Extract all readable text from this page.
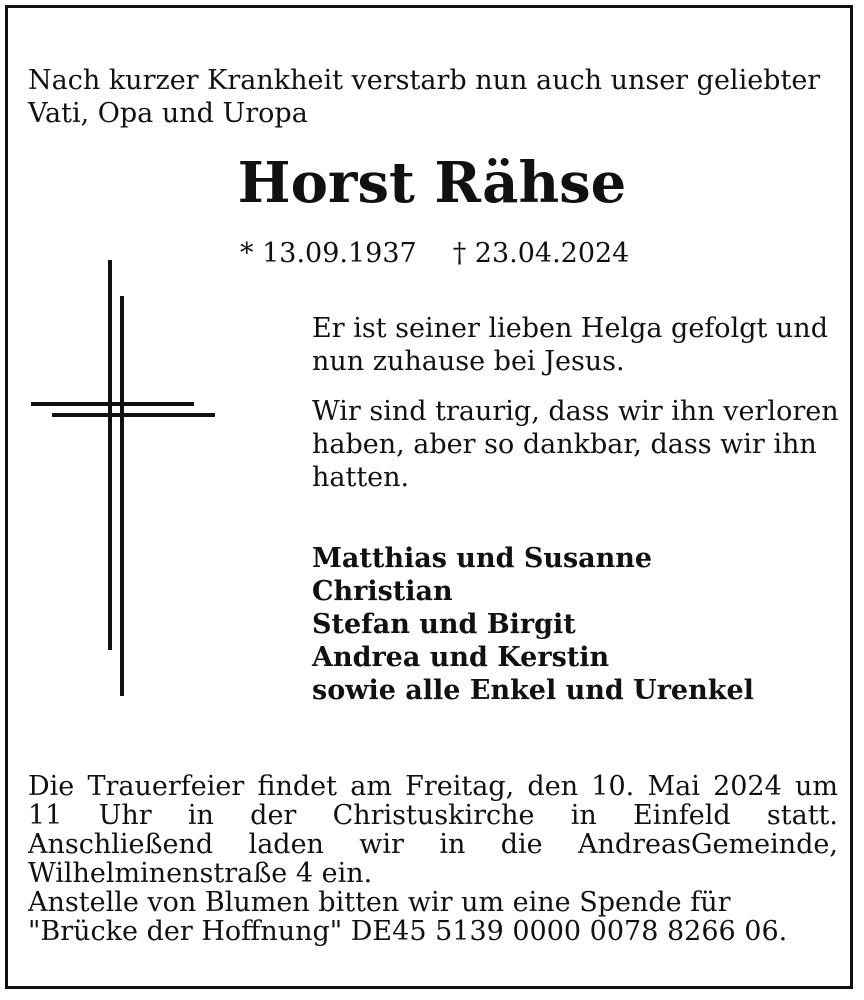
Nach kurzer Krankheit verstarb nun auch unser geliebter Vati, Opa und Uropa

Horst Rähse
* 13.09.1937 † 23.04.2024

Er ist seiner lieben Helga gefolgt und nun zuhause bei Jesus.

Wir sind traurig, dass wir ihn verloren haben, aber so dankbar, dass wir ihn hatten.

Matthias und Susanne
Christian
Stefan und Birgit
Andrea und Kerstin
sowie alle Enkel und Urenkel

Die Trauerfeier findet am Freitag, den 10. Mai 2024 um 11 Uhr in der Christuskirche in Einfeld statt. Anschließend laden wir in die AndreasGemeinde, Wilhelminenstraße 4 ein.

Anstelle von Blumen bitten wir um eine Spende für

"Brücke der Hoffnung" DE45 5139 0000 0078 8266 06.
